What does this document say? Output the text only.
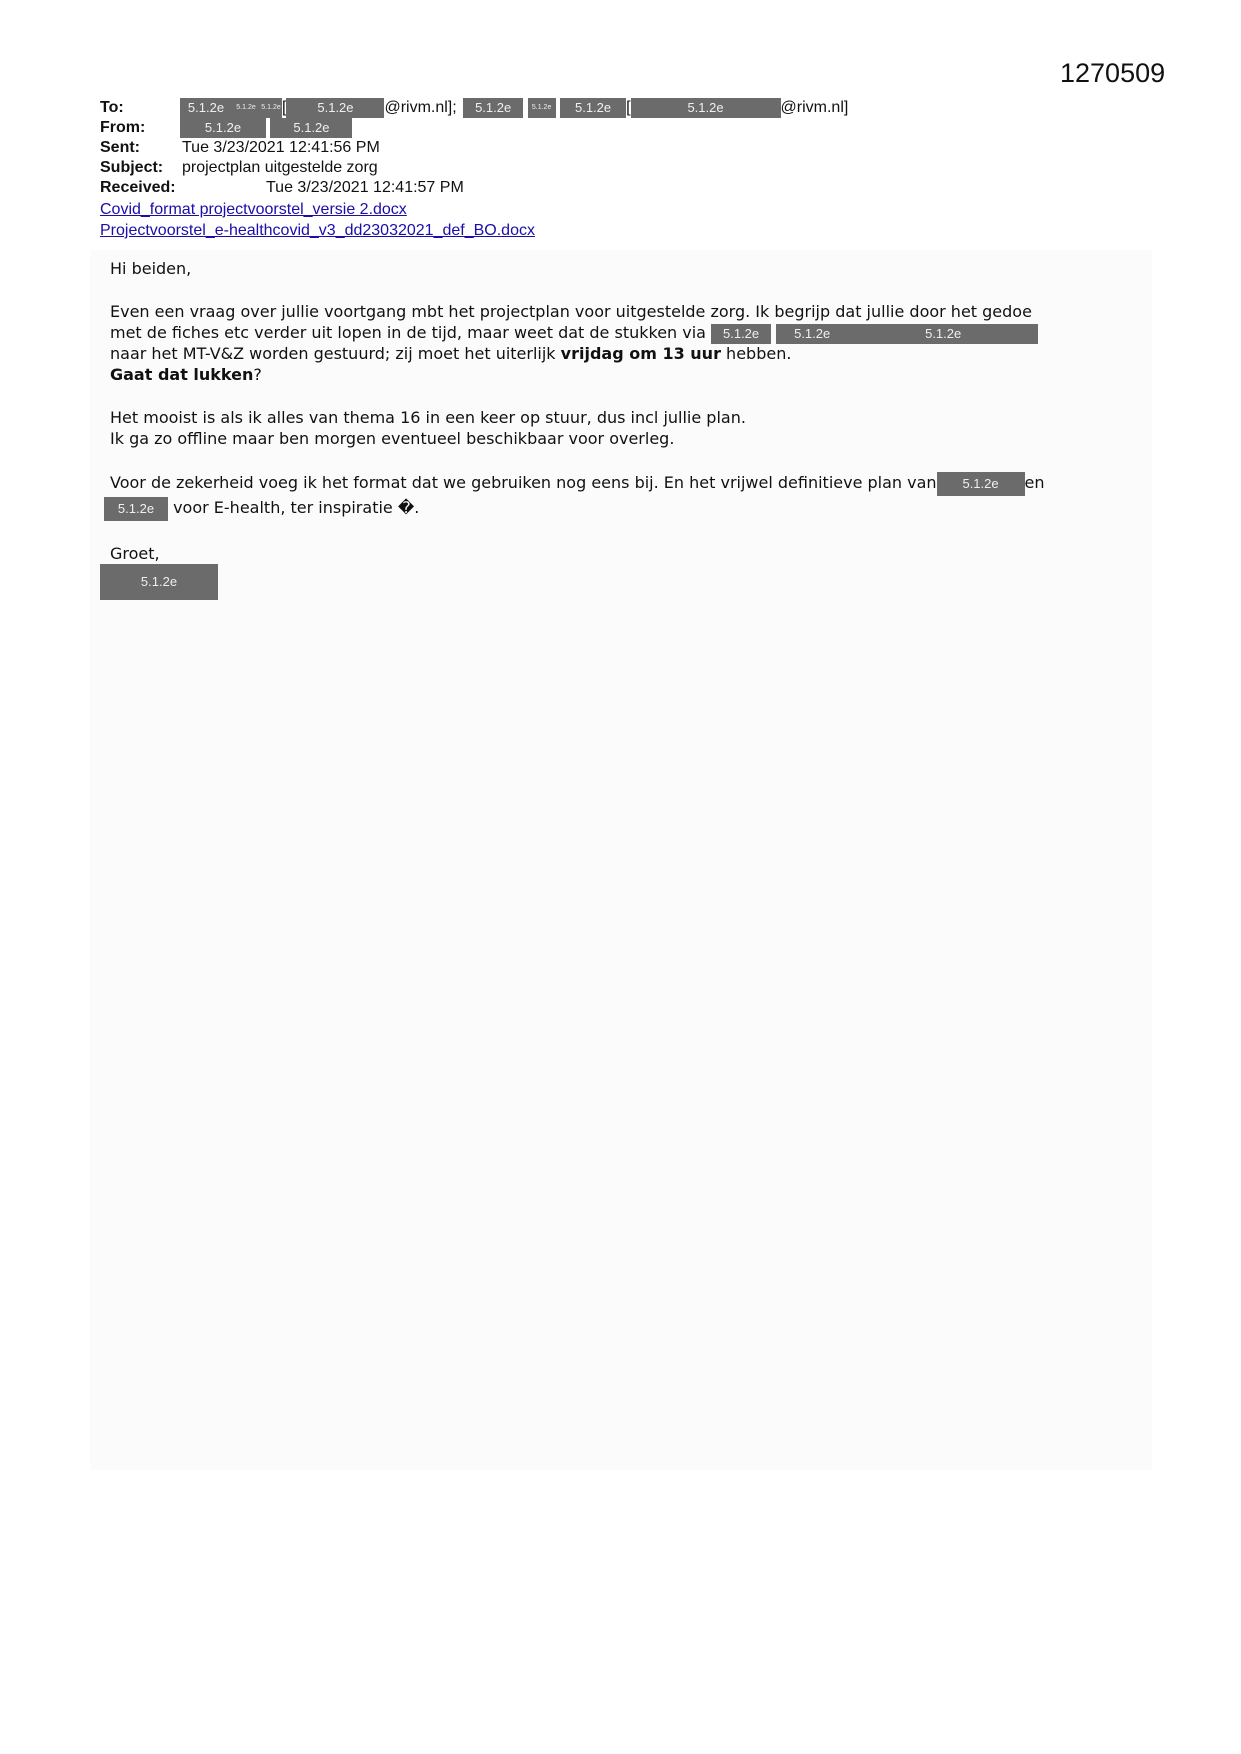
1270509
To:	5.1.2e 5.1.2e 5.1.2e[ 5.1.2e @rivm.nl]; 5.1.2e	5.1.2e 5.1.2e [	5.1.2e	@rivm.nl]
From:	5.1.2e	5.1.2e
Sent:	Tue 3/23/2021 12:41:56 PM
Subject: projectplan uitgestelde zorg
Received:	Tue 3/23/2021 12:41:57 PM
Covid_format projectvoorstel_versie 2.docx
Projectvoorstel_e-healthcovid_v3_dd23032021_def_BO.docx
Hi beiden,
Even een vraag over jullie voortgang mbt het projectplan voor uitgestelde zorg. Ik begrijp dat jullie door het gedoe
met de fiches etc verder uit lopen in de tijd, maar weet dat de stukken via 5.1.2e	5.1.2e	5.1.2e
naar het MT-V&Z worden gestuurd; zij moet het uiterlijk vrijdag om 13 uur hebben.
Gaat dat lukken?
Het mooist is als ik alles van thema 16 in een keer op stuur, dus incl jullie plan.
Ik ga zo offline maar ben morgen eventueel beschikbaar voor overleg.
Voor de zekerheid voeg ik het format dat we gebruiken nog eens bij. En het vrijwel definitieve plan van 5.1.2e en
5.1.2e voor E-health, ter inspiratie �.
Groet,
5.1.2e
